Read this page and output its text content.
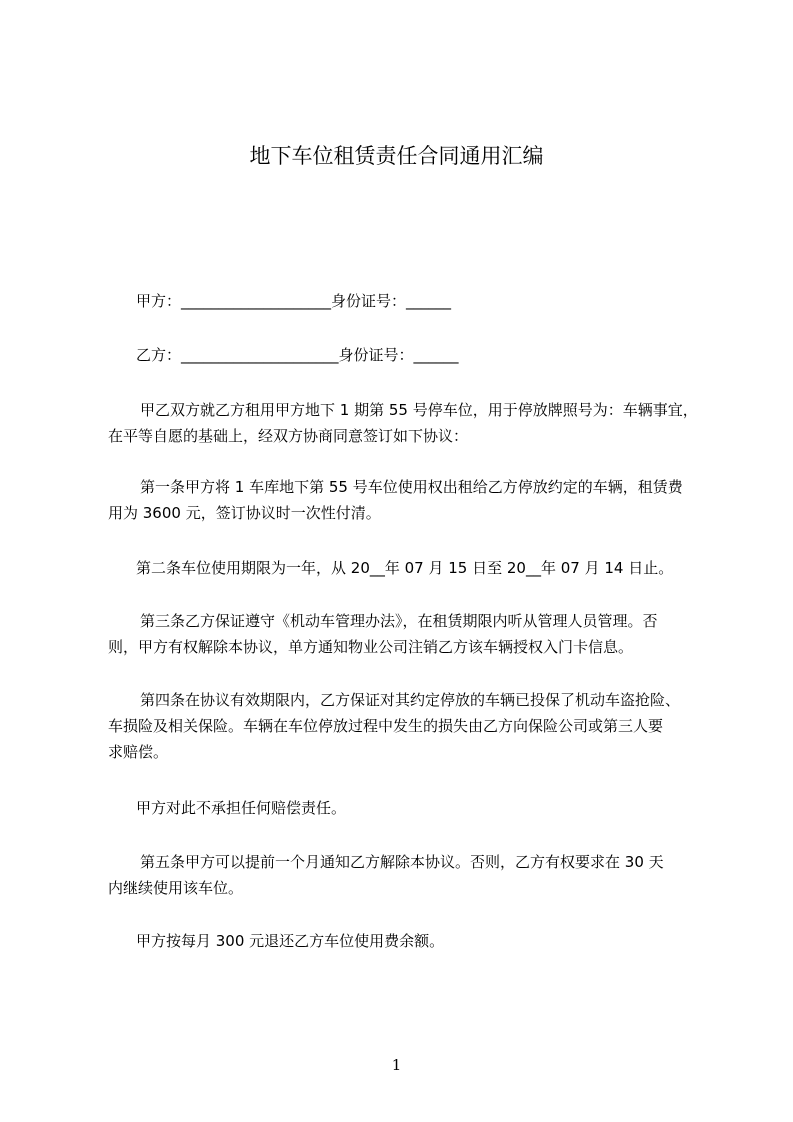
地下车位租赁责任合同通用汇编
甲方：____________________身份证号：______
乙方：_____________________身份证号：______
甲乙双方就乙方租用甲方地下 1 期第 55 号停车位，用于停放牌照号为：车辆事宜，
在平等自愿的基础上，经双方协商同意签订如下协议：
第一条甲方将 1 车库地下第 55 号车位使用权出租给乙方停放约定的车辆，租赁费
用为 3600 元，签订协议时一次性付清。
第二条车位使用期限为一年，从 20__年 07 月 15 日至 20__年 07 月 14 日止。
第三条乙方保证遵守《机动车管理办法》，在租赁期限内听从管理人员管理。否
则，甲方有权解除本协议，单方通知物业公司注销乙方该车辆授权入门卡信息。
第四条在协议有效期限内，乙方保证对其约定停放的车辆已投保了机动车盗抢险、
车损险及相关保险。车辆在车位停放过程中发生的损失由乙方向保险公司或第三人要
求赔偿。
甲方对此不承担任何赔偿责任。
第五条甲方可以提前一个月通知乙方解除本协议。否则，乙方有权要求在 30 天
内继续使用该车位。
甲方按每月 300 元退还乙方车位使用费余额。
1
